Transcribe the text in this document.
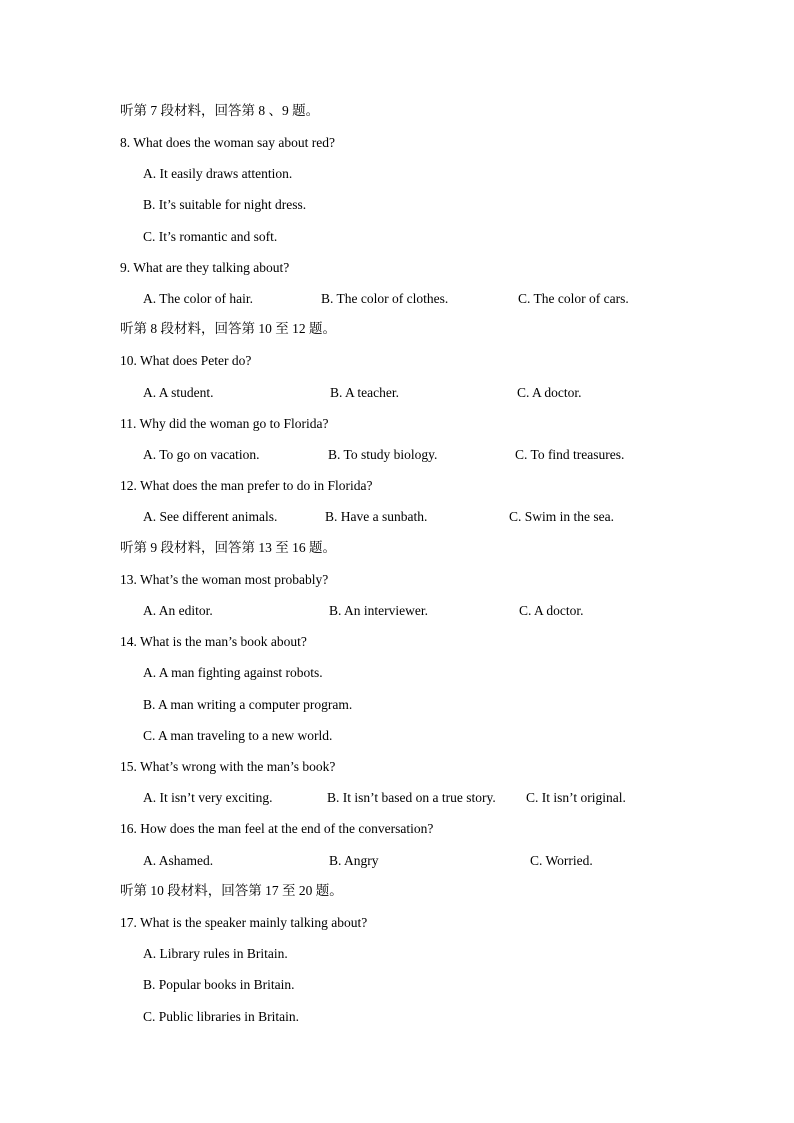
听第 7 段材料，回答第 8 、9 题。
8. What does the woman say about red?
A. It easily draws attention.
B. It’s suitable for night dress.
C. It’s romantic and soft.
9. What are they talking about?
A. The color of hair.	B. The color of clothes.	C. The color of cars.
听第 8 段材料，回答第 10 至 12 题。
10. What does Peter do?
A. A student.	B. A teacher.	C. A doctor.
11. Why did the woman go to Florida?
A. To go on vacation.	B. To study biology.	C. To find treasures.
12. What does the man prefer to do in Florida?
A. See different animals.	B. Have a sunbath.	C. Swim in the sea.
听第 9 段材料，回答第 13 至 16 题。
13. What’s the woman most probably?
A. An editor.	B. An interviewer.	C. A doctor.
14. What is the man’s book about?
A. A man fighting against robots.
B. A man writing a computer program.
C. A man traveling to a new world.
15. What’s wrong with the man’s book?
A. It isn’t very exciting.	B. It isn’t based on a true story. C. It isn’t original.
16. How does the man feel at the end of the conversation?
A. Ashamed.	B. Angry	C. Worried.
听第 10 段材料，回答第 17 至 20 题。
17. What is the speaker mainly talking about?
A. Library rules in Britain.
B. Popular books in Britain.
C. Public libraries in Britain.
